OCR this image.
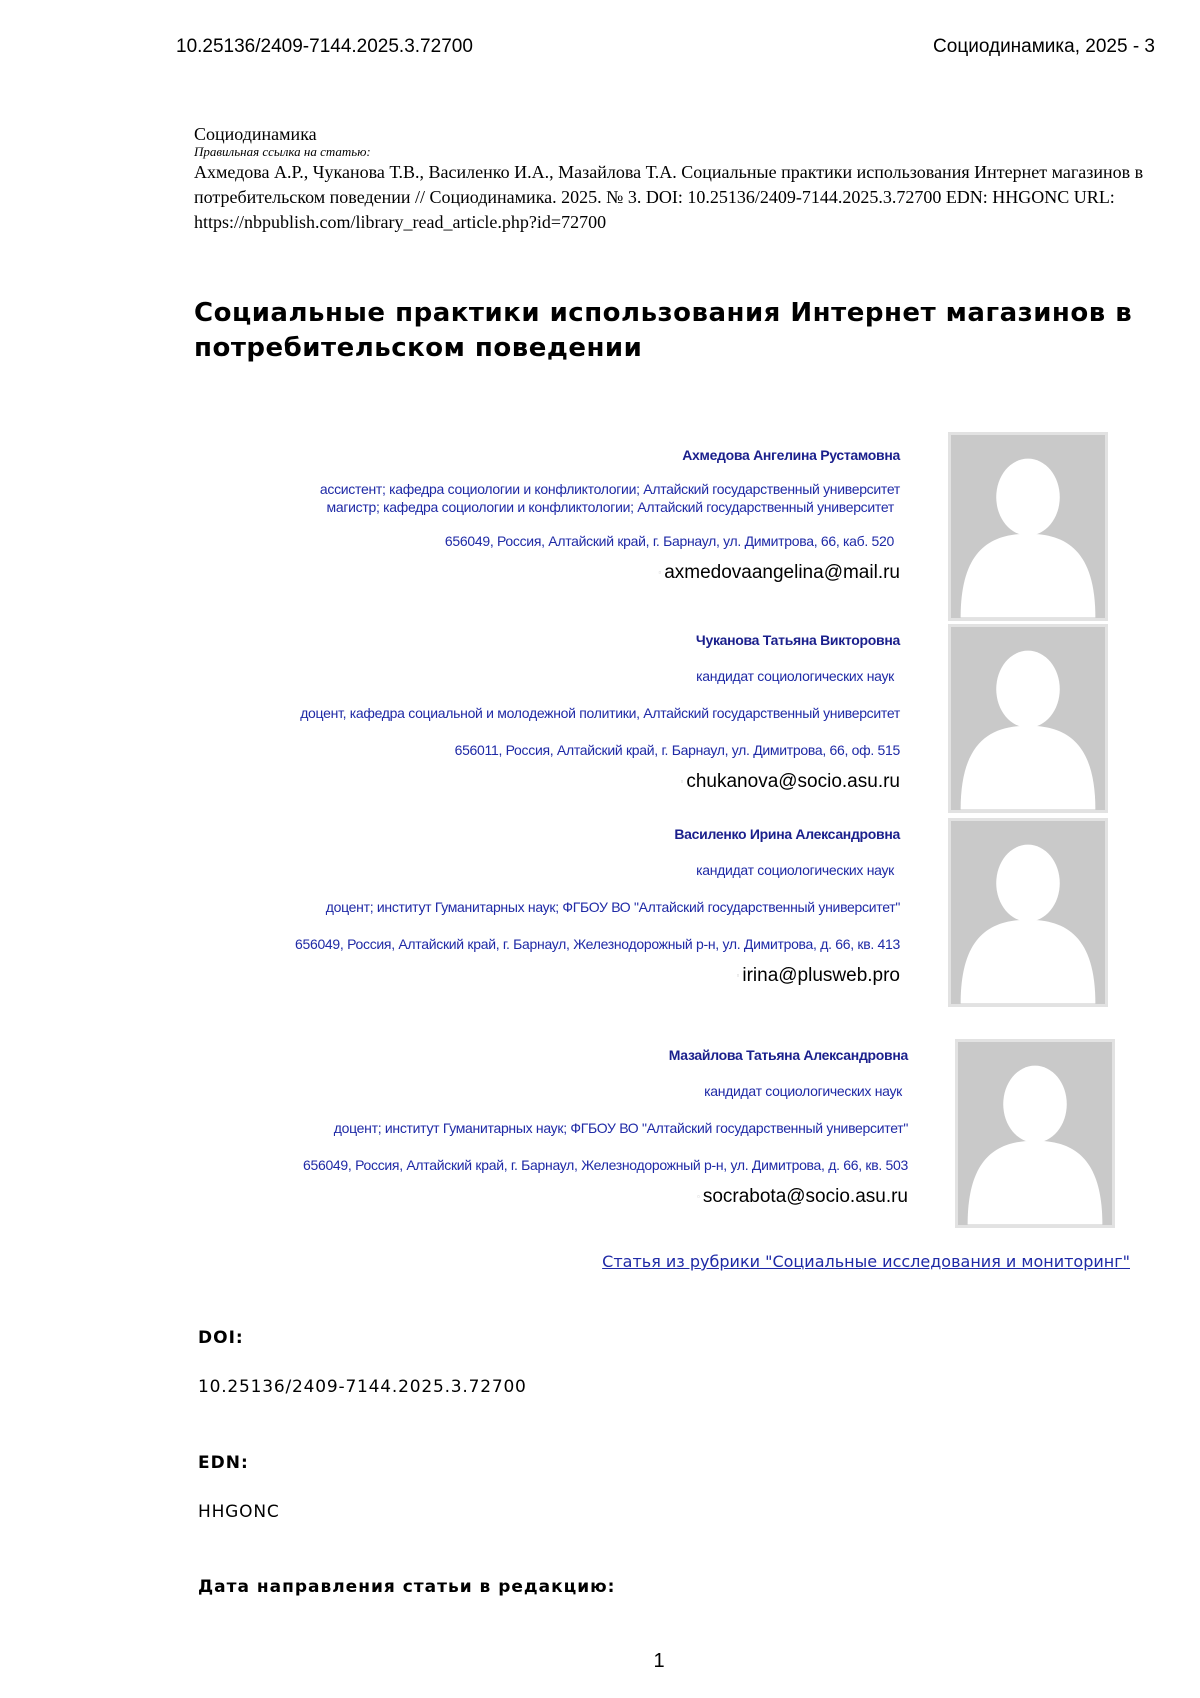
10.25136/2409-7144.2025.3.72700	Социодинамика, 2025 - 3
Социодинамика
Правильная ссылка на статью:
Ахмедова А.Р., Чуканова Т.В., Василенко И.А., Мазайлова Т.А. Социальные практики использования Интернет магазинов в потребительском поведении // Социодинамика. 2025. № 3. DOI: 10.25136/2409-7144.2025.3.72700 EDN: HHGONC URL: https://nbpublish.com/library_read_article.php?id=72700
Социальные практики использования Интернет магазинов в потребительском поведении
Ахмедова Ангелина Рустамовна
ассистент; кафедра социологии и конфликтологии; Алтайский государственный университет
магистр; кафедра социологии и конфликтологии; Алтайский государственный университет
656049, Россия, Алтайский край, г. Барнаул, ул. Димитрова, 66, каб. 520
▫ axmedovaangelina@mail.ru
Чуканова Татьяна Викторовна
кандидат социологических наук
доцент, кафедра социальной и молодежной политики, Алтайский государственный университет
656011, Россия, Алтайский край, г. Барнаул, ул. Димитрова, 66, оф. 515
▫ chukanova@socio.asu.ru
Василенко Ирина Александровна
кандидат социологических наук
доцент; институт Гуманитарных наук; ФГБОУ ВО "Алтайский государственный университет"
656049, Россия, Алтайский край, г. Барнаул, Железнодорожный р-н, ул. Димитрова, д. 66, кв. 413
▫ irina@plusweb.pro
Мазайлова Татьяна Александровна
кандидат социологических наук
доцент; институт Гуманитарных наук; ФГБОУ ВО "Алтайский государственный университет"
656049, Россия, Алтайский край, г. Барнаул, Железнодорожный р-н, ул. Димитрова, д. 66, кв. 503
▫ socrabota@socio.asu.ru
Статья из рубрики "Социальные исследования и мониторинг"
DOI:
10.25136/2409-7144.2025.3.72700
EDN:
HHGONC
Дата направления статьи в редакцию:
1
